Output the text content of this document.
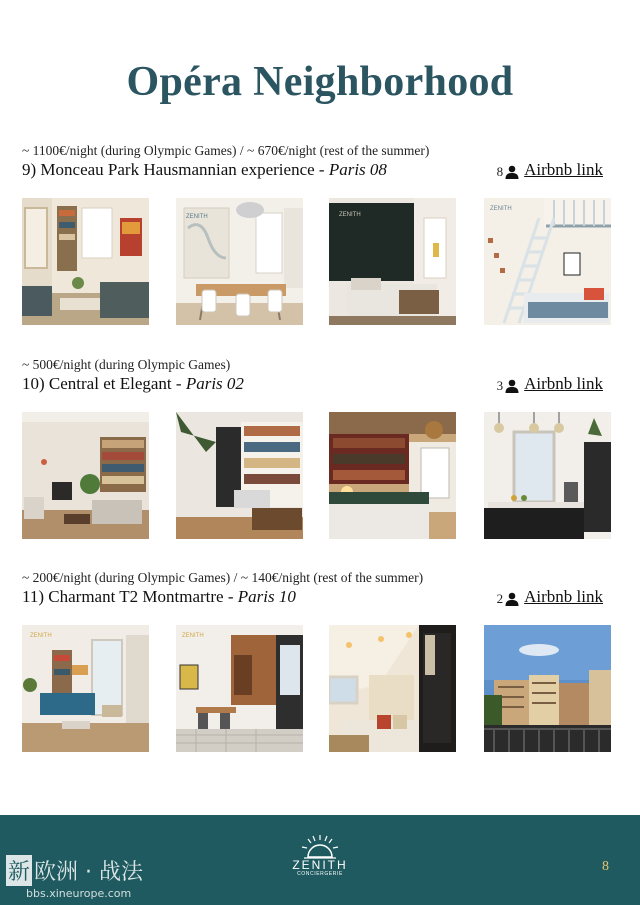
Opéra Neighborhood
~ 1100€/night (during Olympic Games) / ~ 670€/night (rest of the summer)
9) Monceau Park Hausmannian experience - Paris 08	8 Airbnb link
ZENITH	ZENITH
ZENITH
~ 500€/night (during Olympic Games)
10) Central et Elegant - Paris 02	3 Airbnb link
~ 200€/night (during Olympic Games) / ~ 140€/night (rest of the summer)
11) Charmant T2 Montmartre - Paris 10	2 Airbnb link
ZENITH	ZENITH
新 欧洲 · 战法
bbs.xineurope.com
ZENITH
CONCIERGERIE	8
